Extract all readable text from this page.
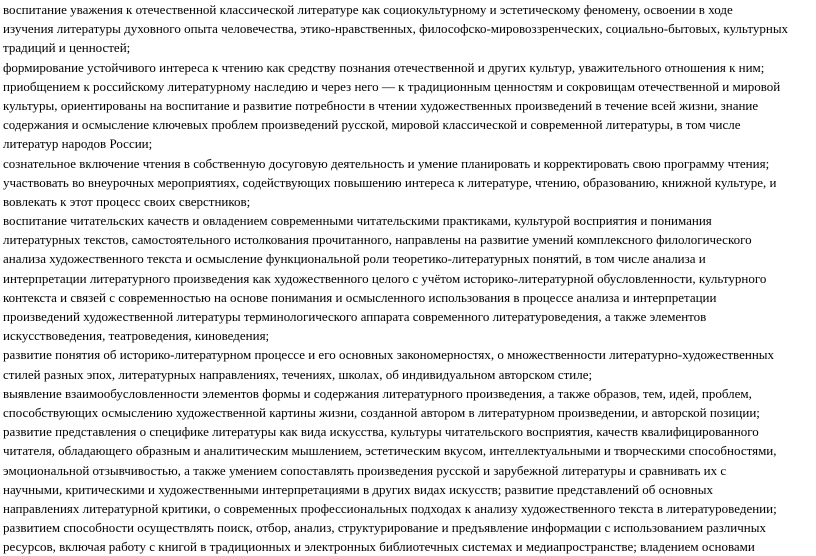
воспитание уважения к отечественной классической литературе как социокультурному и эстетическому феномену, освоении в ходе
изучения литературы духовного опыта человечества, этико-нравственных, философско-мировоззренческих, социально-бытовых, культурных
традиций и ценностей;
формирование устойчивого интереса к чтению как средству познания отечественной и других культур, уважительного отношения к ним;
приобщением к российскому литературному наследию и через него — к традиционным ценностям и сокровищам отечественной и мировой
культуры, ориентированы на воспитание и развитие потребности в чтении художественных произведений в течение всей жизни, знание
содержания и осмысление ключевых проблем произведений русской, мировой классической и современной литературы, в том числе
литератур народов России;
сознательное включение чтения в собственную досуговую деятельность и умение планировать и корректировать свою программу чтения;
участвовать во внеурочных мероприятиях, содействующих повышению интереса к литературе, чтению, образованию, книжной культуре, и
вовлекать к этот процесс своих сверстников;
воспитание читательских качеств и овладением современными читательскими практиками, культурой восприятия и понимания
литературных текстов, самостоятельного истолкования прочитанного, направлены на развитие умений комплексного филологического
анализа художественного текста и осмысление функциональной роли теоретико-литературных понятий, в том числе анализа и
интерпретации литературного произведения как художественного целого с учётом историко-литературной обусловленности, культурного
контекста и связей с современностью на основе понимания и осмысленного использования в процессе анализа и интерпретации
произведений художественной литературы терминологического аппарата современного литературоведения, а также элементов
искусствоведения, театроведения, киноведения;
развитие понятия об историко-литературном процессе и его основных закономерностях, о множественности литературно-художественных
стилей разных эпох, литературных направлениях, течениях, школах, об индивидуальном авторском стиле;
выявление взаимообусловленности элементов формы и содержания литературного произведения, а также образов, тем, идей, проблем,
способствующих осмыслению художественной картины жизни, созданной автором в литературном произведении, и авторской позиции;
развитие представления о специфике литературы как вида искусства, культуры читательского восприятия, качеств квалифицированного
читателя, обладающего образным и аналитическим мышлением, эстетическим вкусом, интеллектуальными и творческими способностями,
эмоциональной отзывчивостью, а также умением сопоставлять произведения русской и зарубежной литературы и сравнивать их с
научными, критическими и художественными интерпретациями в других видах искусств; развитие представлений об основных
направлениях литературной критики, о современных профессиональных подходах к анализу художественного текста в литературоведении;
развитием способности осуществлять поиск, отбор, анализ, структурирование и предъявление информации с использованием различных
ресурсов, включая работу с книгой в традиционных и электронных библиотечных системах и медиапространстве; владением основами
